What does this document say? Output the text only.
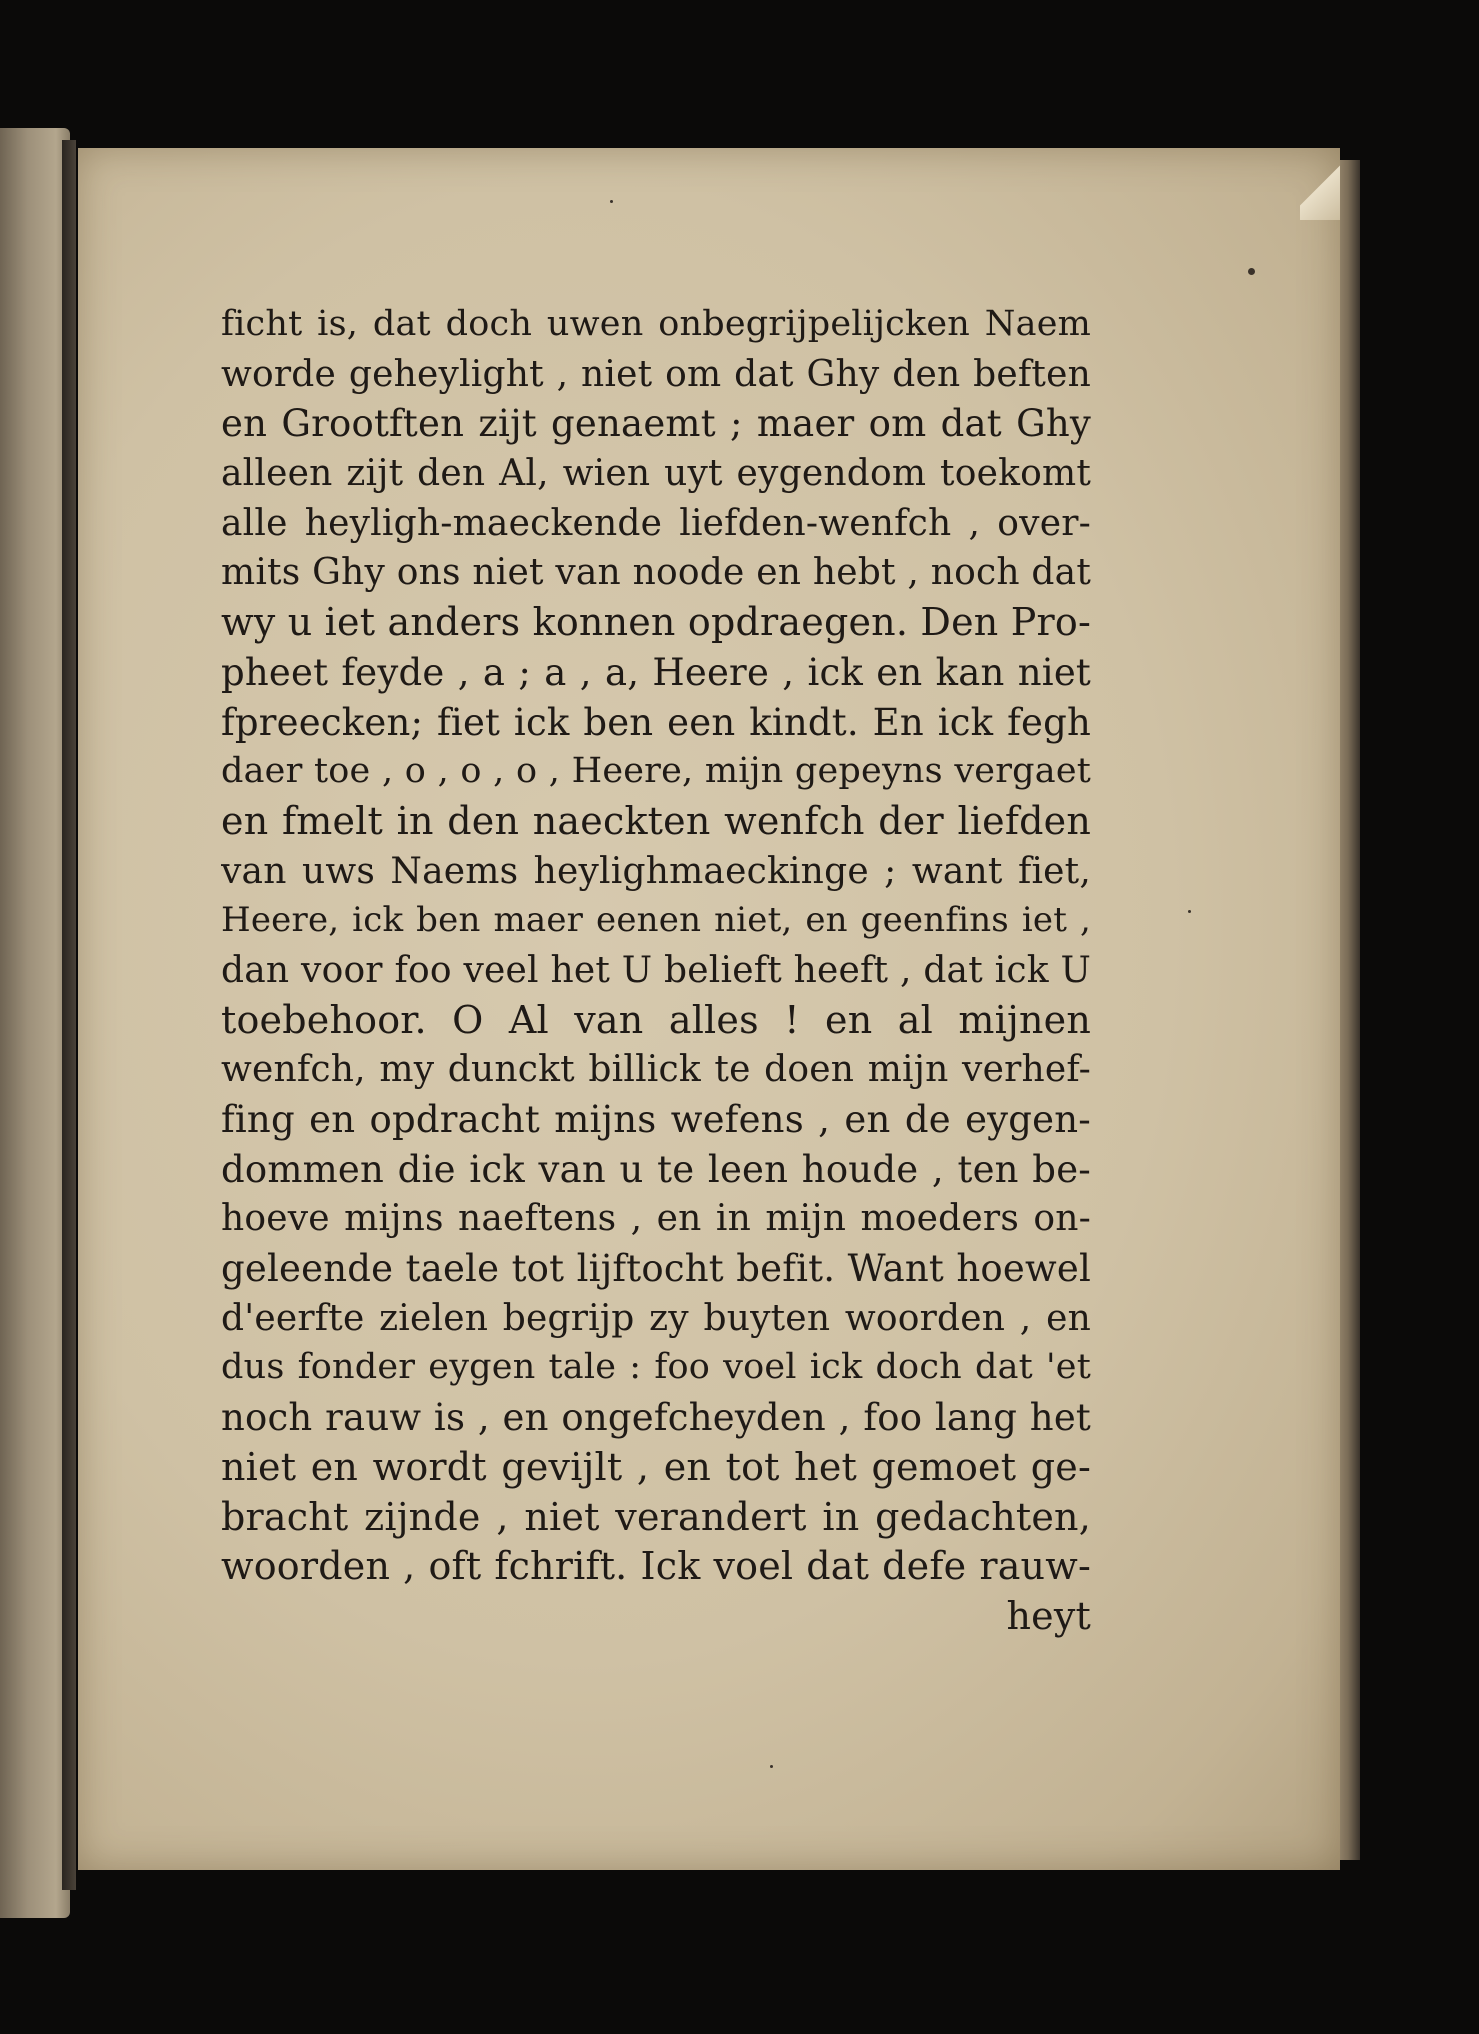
ficht is, dat doch uwen onbegrijpelijcken Naem
worde geheylight , niet om dat Ghy den beften
en Grootften zijt genaemt ; maer om dat Ghy
alleen zijt den Al, wien uyt eygendom toekomt
alle heyligh-maeckende liefden-wenfch , over-
mits Ghy ons niet van noode en hebt , noch dat
wy u iet anders konnen opdraegen. Den Pro-
pheet feyde , a ; a , a, Heere , ick en kan niet
fpreecken; fiet ick ben een kindt. En ick fegh
daer toe , o , o , o , Heere, mijn gepeyns vergaet
en fmelt in den naeckten wenfch der liefden
van uws Naems heylighmaeckinge ; want fiet,
Heere, ick ben maer eenen niet, en geenfins iet ,
dan voor foo veel het U belieft heeft , dat ick U
toebehoor. O Al van alles ! en al mijnen
wenfch, my dunckt billick te doen mijn verhef-
fing en opdracht mijns wefens , en de eygen-
dommen die ick van u te leen houde , ten be-
hoeve mijns naeftens , en in mijn moeders on-
geleende taele tot lijftocht befit. Want hoewel
d'eerfte zielen begrijp zy buyten woorden , en
dus fonder eygen tale : foo voel ick doch dat 'et
noch rauw is , en ongefcheyden , foo lang het
niet en wordt gevijlt , en tot het gemoet ge-
bracht zijnde , niet verandert in gedachten,
woorden , oft fchrift. Ick voel dat defe rauw-
heyt
